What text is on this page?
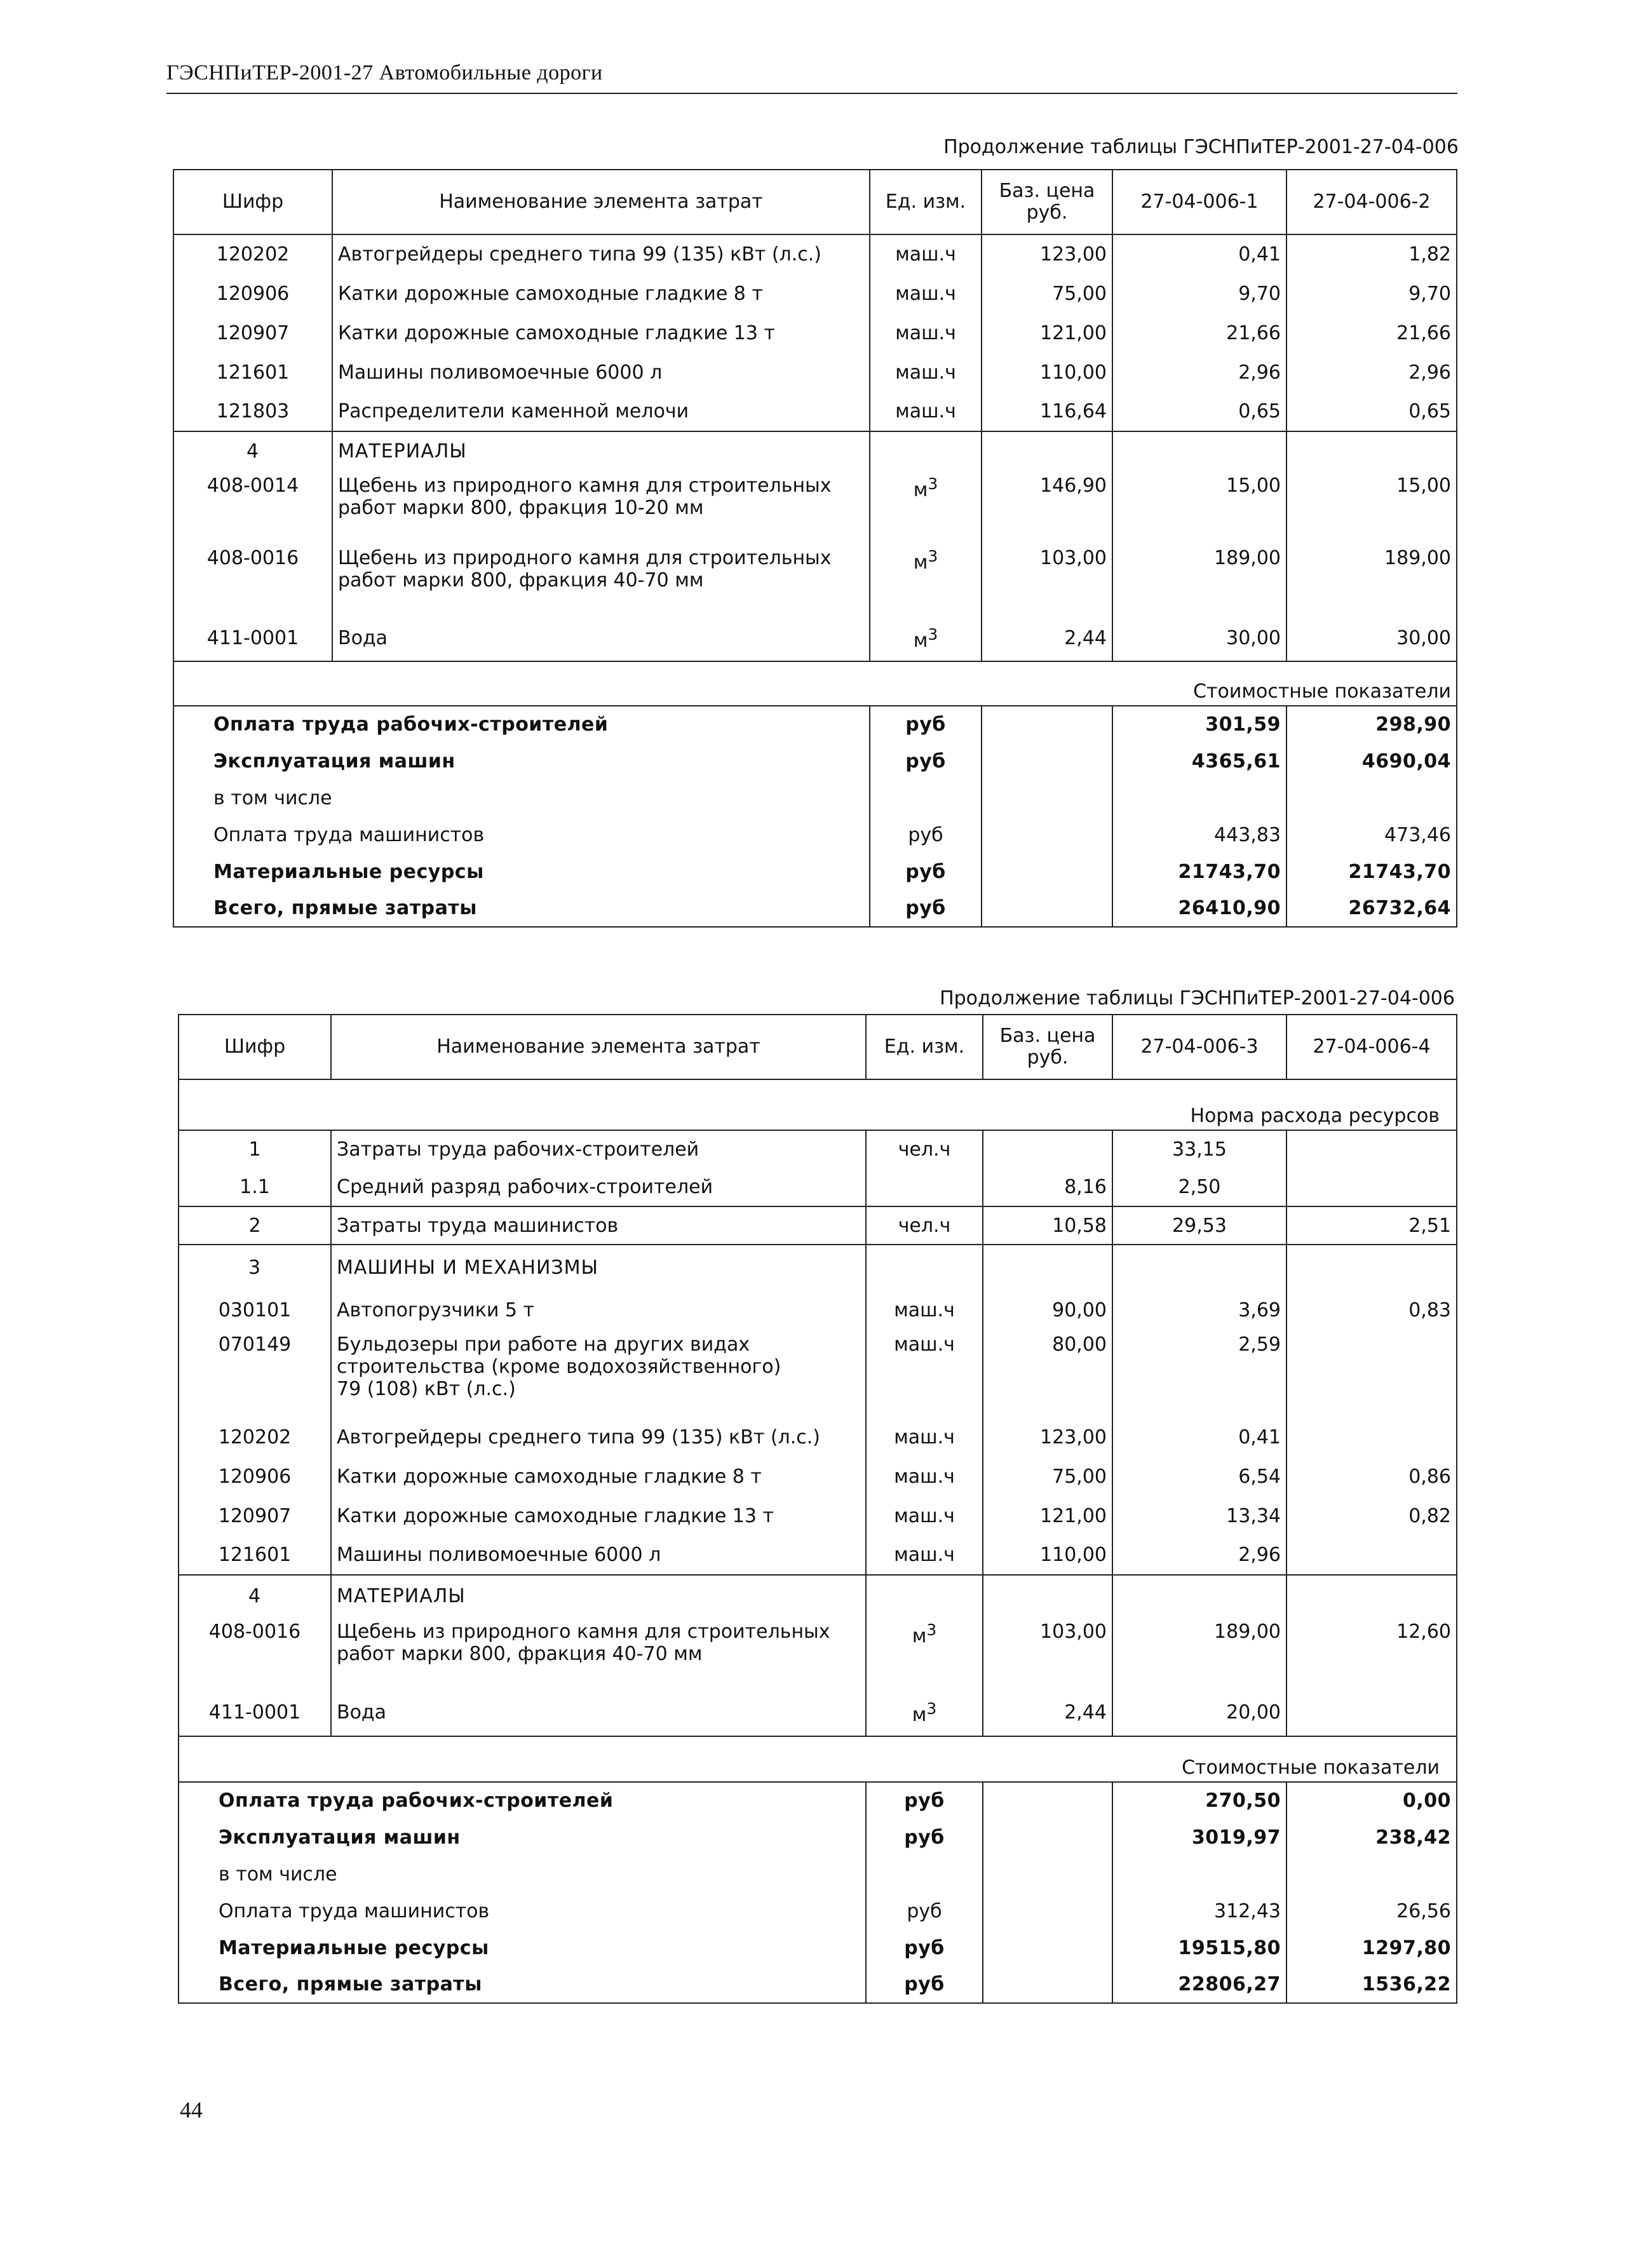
ГЭСНПиТЕР-2001-27 Автомобильные дороги
Продолжение таблицы ГЭСНПиТЕР-2001-27-04-006
Шифр	Наименование элемента затрат	Ед. изм.	Баз. цена руб.	27-04-006-1	27-04-006-2
120202	Автогрейдеры среднего типа 99 (135) кВт (л.с.)	маш.ч	123,00	0,41	1,82
120906	Катки дорожные самоходные гладкие 8 т	маш.ч	75,00	9,70	9,70
120907	Катки дорожные самоходные гладкие 13 т	маш.ч	121,00	21,66	21,66
121601	Машины поливомоечные 6000 л	маш.ч	110,00	2,96	2,96
121803	Распределители каменной мелочи	маш.ч	116,64	0,65	0,65
4	МАТЕРИАЛЫ				
408-0014	Щебень из природного камня для строительных
работ марки 800, фракция 10-20 мм	$м^3$	146,90	15,00	15,00
408-0016	Щебень из природного камня для строительных
работ марки 800, фракция 40-70 мм	$м^3$	103,00	189,00	189,00
411-0001	Вода	$м^3$	2,44	30,00	30,00
Стоимостные показатели					
Оплата труда рабочих-строителей		руб		301,59	298,90
Эксплуатация машин		руб		4365,61	4690,04
в том числе					
Оплата труда машинистов		руб		443,83	473,46
Материальные ресурсы		руб		21743,70	21743,70
Всего, прямые затраты		руб		26410,90	26732,64
Продолжение таблицы ГЭСНПиТЕР-2001-27-04-006
Шифр	Наименование элемента затрат	Ед. изм.	Баз. цена руб.	27-04-006-3	27-04-006-4
Норма расхода ресурсов					
1	Затраты труда рабочих-строителей	чел.ч		33,15	
1.1	Средний разряд рабочих-строителей		8,16	2,50	
2	Затраты труда машинистов	чел.ч	10,58	29,53	2,51
3	МАШИНЫ И МЕХАНИЗМЫ				
030101	Автопогрузчики 5 т	маш.ч	90,00	3,69	0,83
070149	Бульдозеры при работе на других видах
строительства (кроме водохозяйственного)
79 (108) кВт (л.с.)	маш.ч	80,00	2,59	
120202	Автогрейдеры среднего типа 99 (135) кВт (л.с.)	маш.ч	123,00	0,41	
120906	Катки дорожные самоходные гладкие 8 т	маш.ч	75,00	6,54	0,86
120907	Катки дорожные самоходные гладкие 13 т	маш.ч	121,00	13,34	0,82
121601	Машины поливомоечные 6000 л	маш.ч	110,00	2,96	
4	МАТЕРИАЛЫ				
408-0016	Щебень из природного камня для строительных
работ марки 800, фракция 40-70 мм	$м^3$	103,00	189,00	12,60
411-0001	Вода	$м^3$	2,44	20,00	
Стоимостные показатели					
Оплата труда рабочих-строителей		руб		270,50	0,00
Эксплуатация машин		руб		3019,97	238,42
в том числе					
Оплата труда машинистов		руб		312,43	26,56
Материальные ресурсы		руб		19515,80	1297,80
Всего, прямые затраты		руб		22806,27	1536,22
44
